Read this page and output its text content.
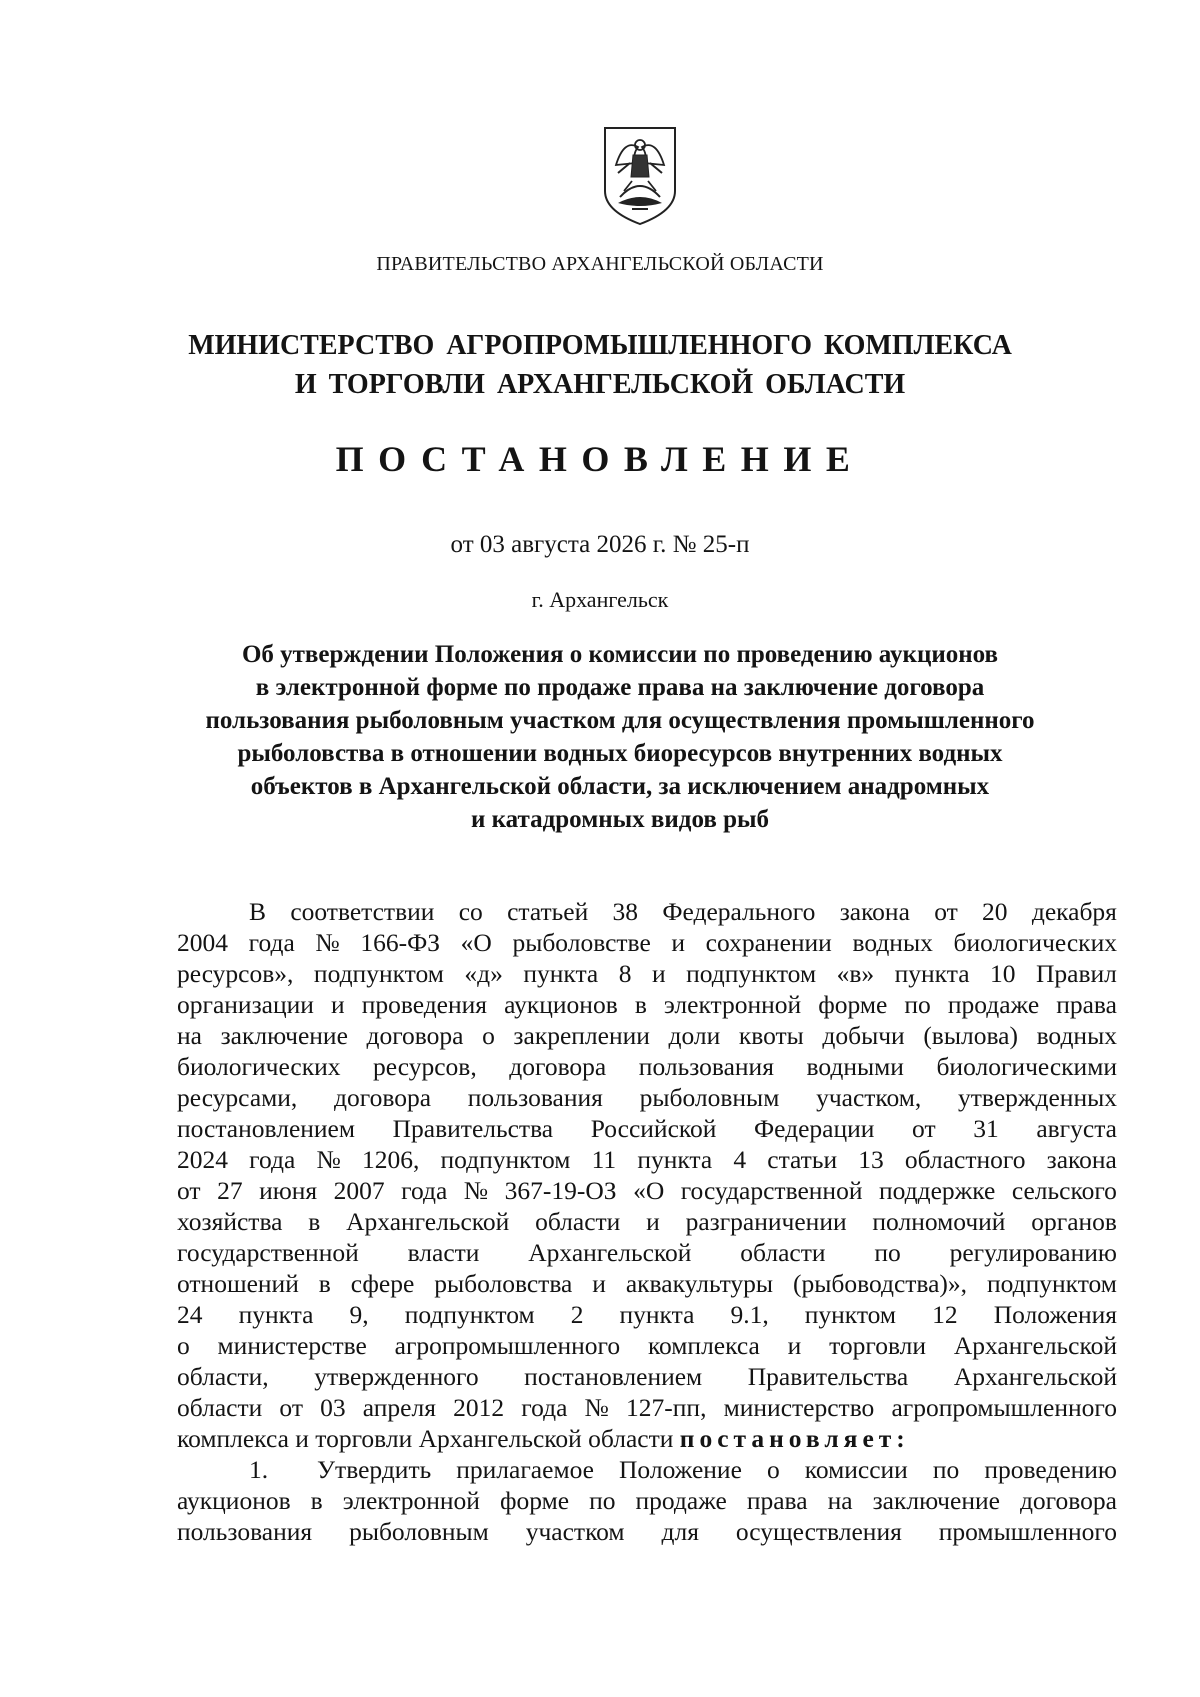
ПРАВИТЕЛЬСТВО АРХАНГЕЛЬСКОЙ ОБЛАСТИ
МИНИСТЕРСТВО АГРОПРОМЫШЛЕННОГО КОМПЛЕКСА
И ТОРГОВЛИ АРХАНГЕЛЬСКОЙ ОБЛАСТИ
ПОСТАНОВЛЕНИЕ
от 03 августа 2026 г. № 25-п
г. Архангельск
Об утверждении Положения о комиссии по проведению аукционов
в электронной форме по продаже права на заключение договора
пользования рыболовным участком для осуществления промышленного
рыболовства в отношении водных биоресурсов внутренних водных
объектов в Архангельской области, за исключением анадромных
и катадромных видов рыб
В соответствии со статьей 38 Федерального закона от 20 декабря
2004 года № 166-ФЗ «О рыболовстве и сохранении водных биологических
ресурсов», подпунктом «д» пункта 8 и подпунктом «в» пункта 10 Правил
организации и проведения аукционов в электронной форме по продаже права
на заключение договора о закреплении доли квоты добычи (вылова) водных
биологических ресурсов, договора пользования водными биологическими
ресурсами, договора пользования рыболовным участком, утвержденных
постановлением Правительства Российской Федерации от 31 августа
2024 года № 1206, подпунктом 11 пункта 4 статьи 13 областного закона
от 27 июня 2007 года № 367-19-ОЗ «О государственной поддержке сельского
хозяйства в Архангельской области и разграничении полномочий органов
государственной власти Архангельской области по регулированию
отношений в сфере рыболовства и аквакультуры (рыбоводства)», подпунктом
24 пункта 9, подпунктом 2 пункта 9.1, пунктом 12 Положения
о министерстве агропромышленного комплекса и торговли Архангельской
области, утвержденного постановлением Правительства Архангельской
области от 03 апреля 2012 года № 127-пп, министерство агропромышленного
комплекса и торговли Архангельской области постановляет:
1.	Утвердить прилагаемое Положение о комиссии по проведению
аукционов в электронной форме по продаже права на заключение договора
пользования рыболовным участком для осуществления промышленного
